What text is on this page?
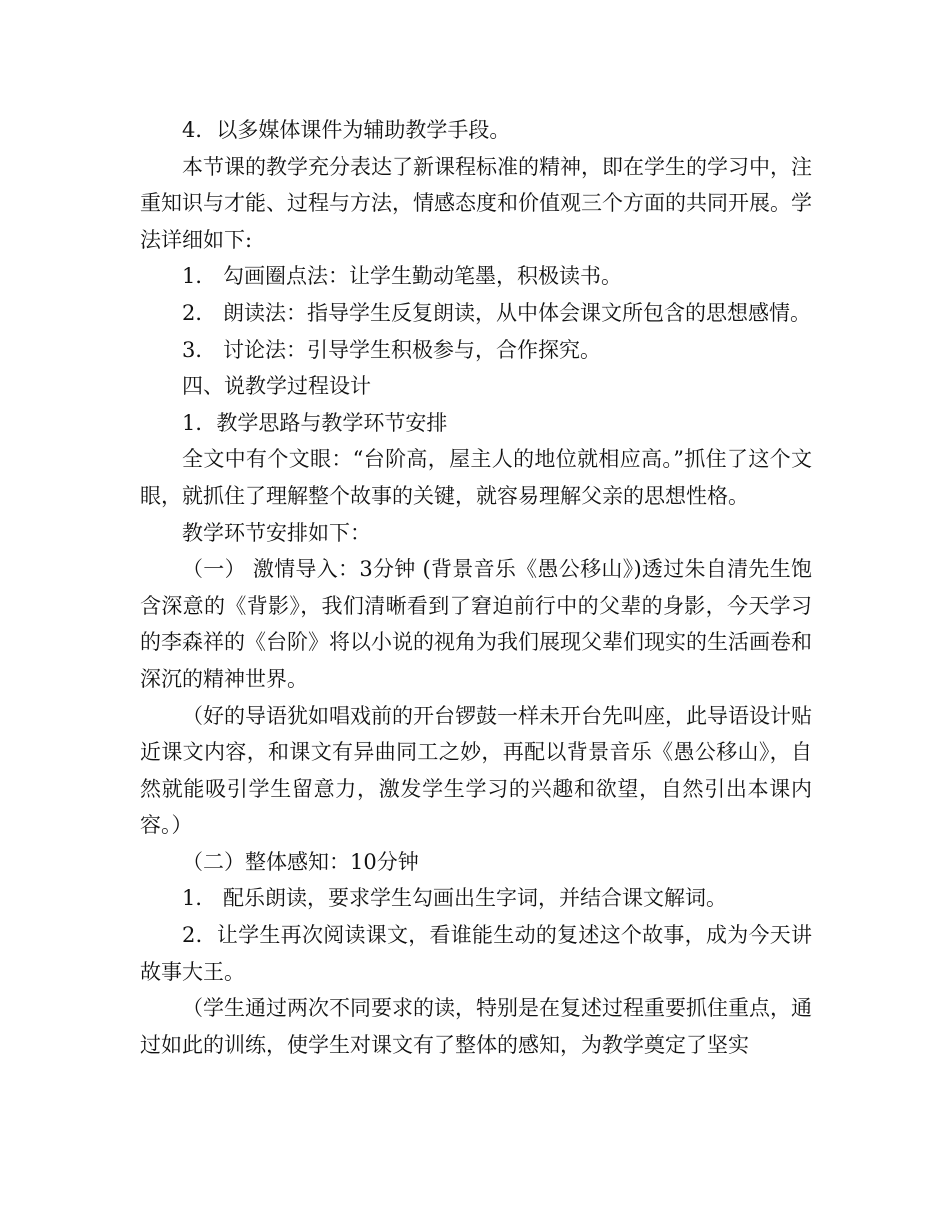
4．以多媒体课件为辅助教学手段。

本节课的教学充分表达了新课程标准的精神，即在学生的学习中，注重知识与才能、过程与方法，情感态度和价值观三个方面的共同开展。学法详细如下:

1． 勾画圈点法：让学生勤动笔墨，积极读书。

2． 朗读法：指导学生反复朗读，从中体会课文所包含的思想感情。

3． 讨论法：引导学生积极参与，合作探究。

四、说教学过程设计

1．教学思路与教学环节安排

全文中有个文眼：“台阶高，屋主人的地位就相应高。”抓住了这个文眼，就抓住了理解整个故事的关键，就容易理解父亲的思想性格。

教学环节安排如下：

（一） 激情导入：3分钟 (背景音乐《愚公移山》)透过朱自清先生饱含深意的《背影》，我们清晰看到了窘迫前行中的父辈的身影，今天学习的李森祥的《台阶》将以小说的视角为我们展现父辈们现实的生活画卷和深沉的精神世界。

（好的导语犹如唱戏前的开台锣鼓一样未开台先叫座，此导语设计贴近课文内容，和课文有异曲同工之妙，再配以背景音乐《愚公移山》，自然就能吸引学生留意力，激发学生学习的兴趣和欲望，自然引出本课内容。）

（二）整体感知：10分钟

1． 配乐朗读，要求学生勾画出生字词，并结合课文解词。

2．让学生再次阅读课文，看谁能生动的复述这个故事，成为今天讲故事大王。

（学生通过两次不同要求的读，特别是在复述过程重要抓住重点，通过如此的训练，使学生对课文有了整体的感知，为教学奠定了坚实
